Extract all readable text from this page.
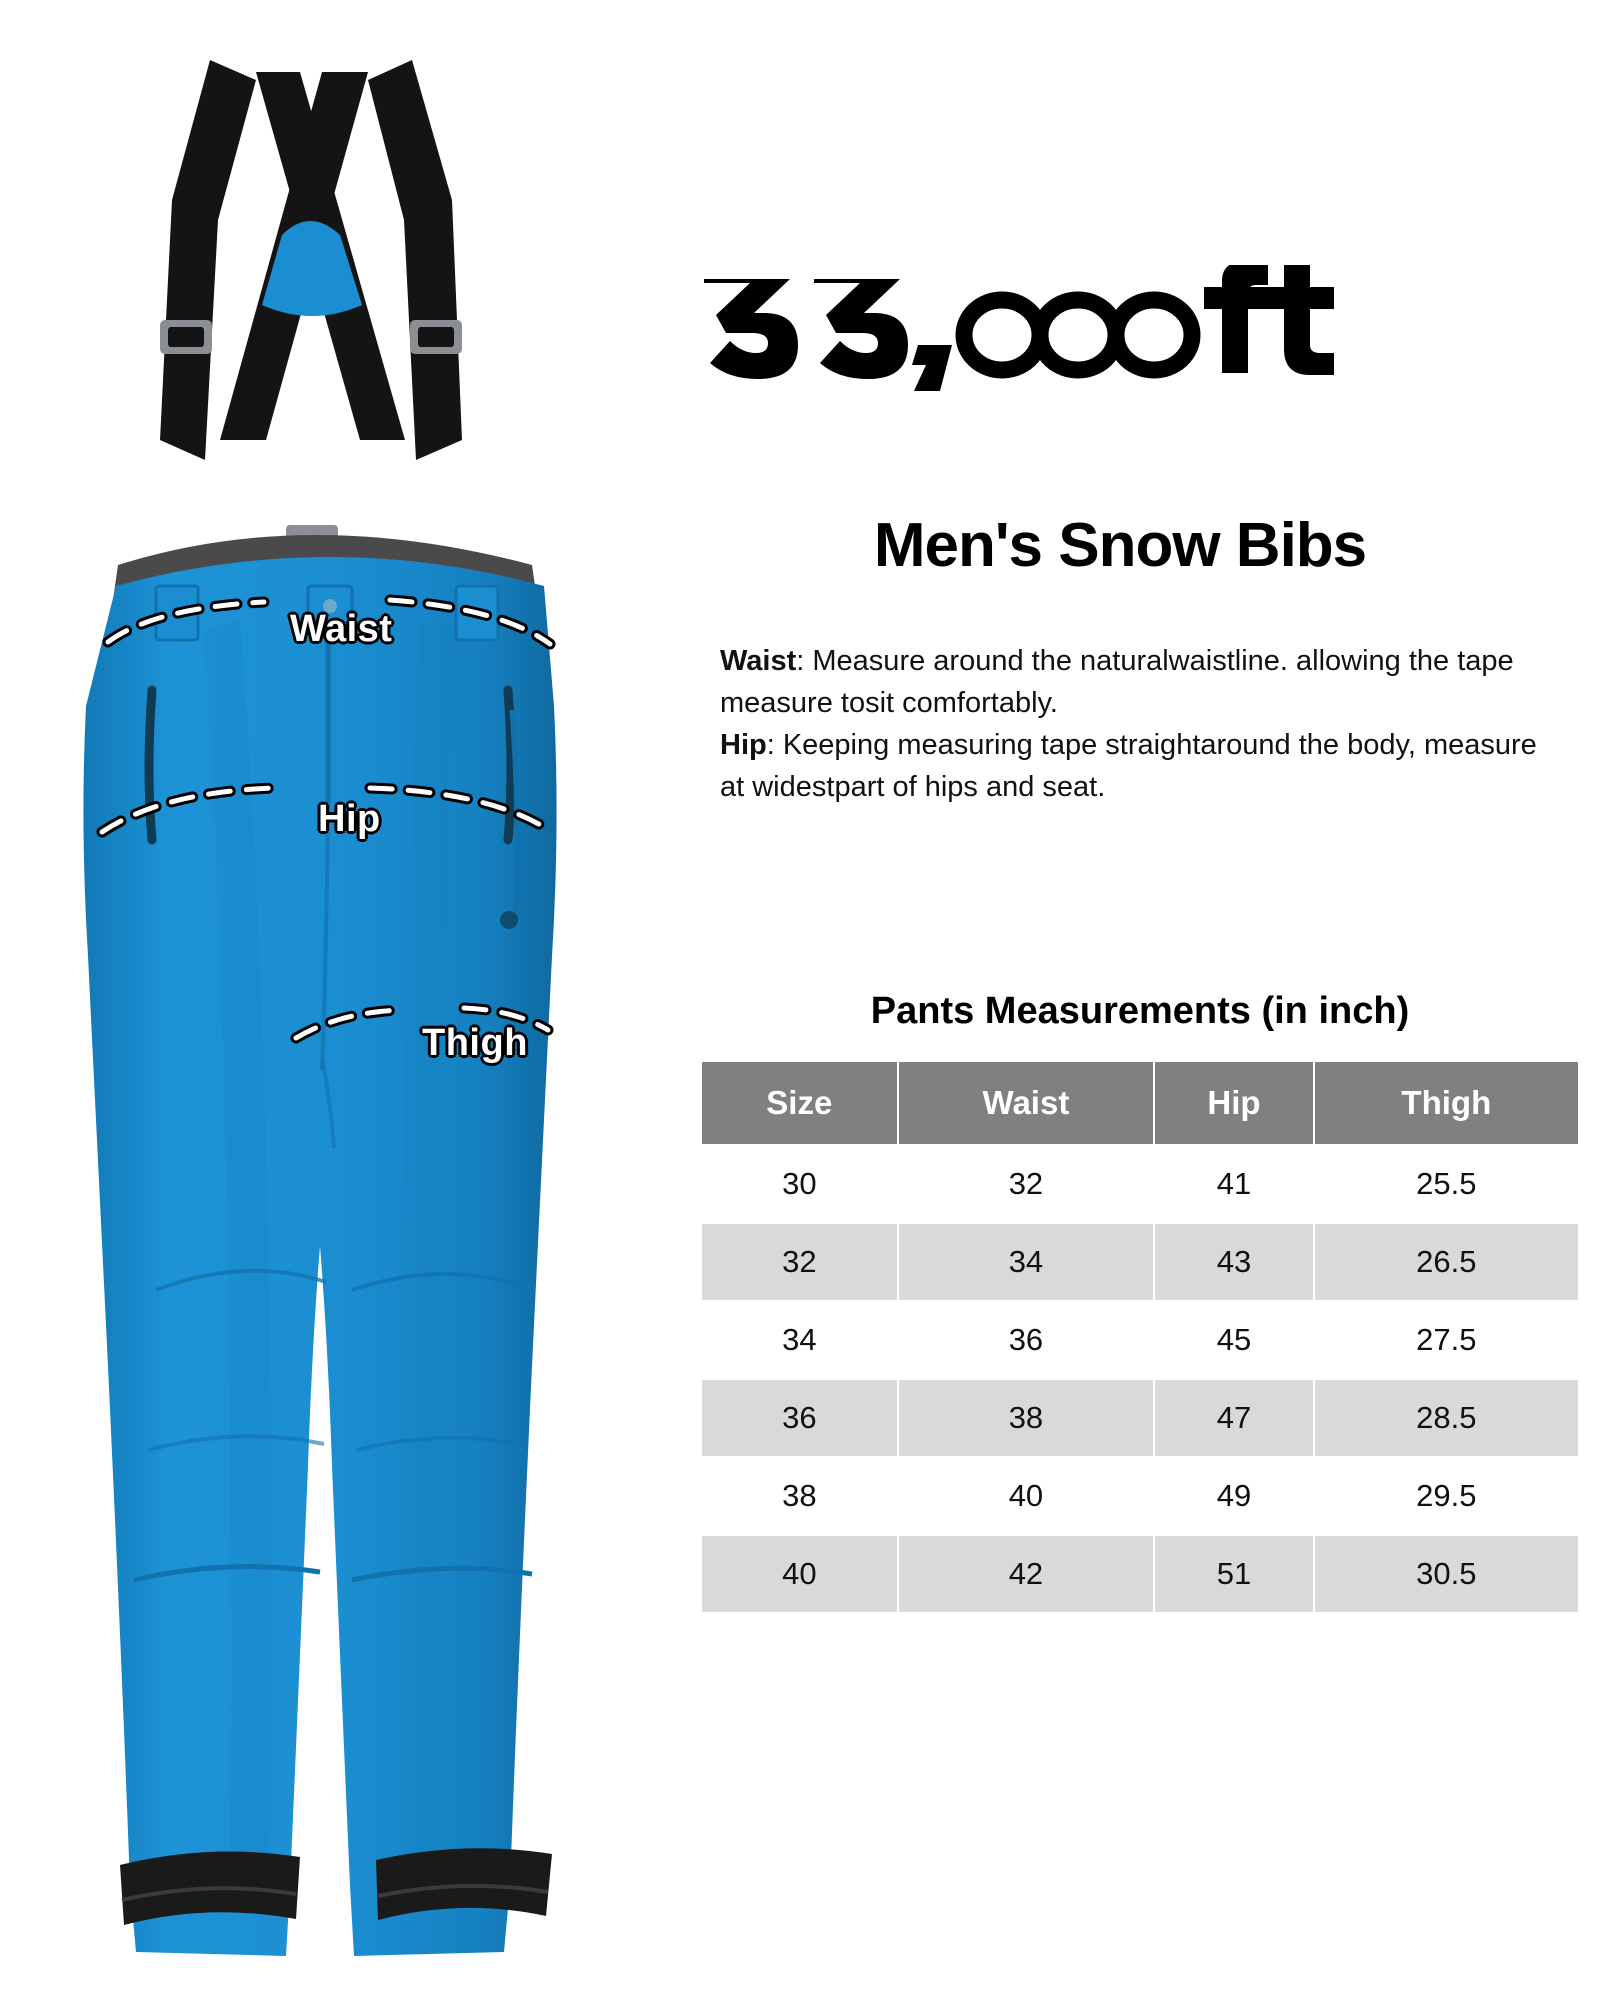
Waist
Hip
Thigh
Men's Snow Bibs
Waist: Measure around the naturalwaistline. allowing the tape measure tosit comfortably.
Hip: Keeping measuring tape straightaround the body, measure at widestpart of hips and seat.
Pants Measurements (in inch)
Size	Waist	Hip	Thigh
30	32	41	25.5
32	34	43	26.5
34	36	45	27.5
36	38	47	28.5
38	40	49	29.5
40	42	51	30.5
